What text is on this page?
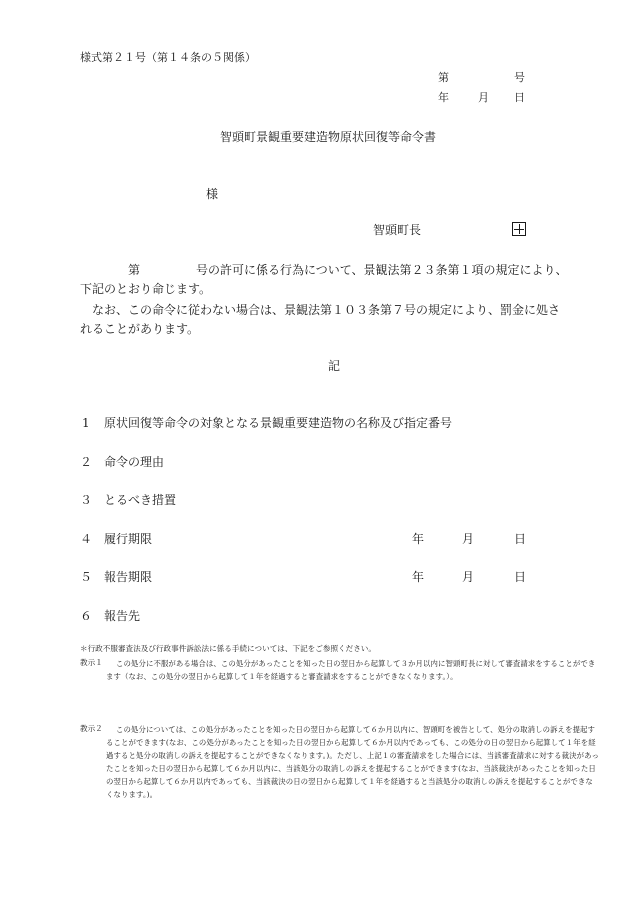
様式第２１号（第１４条の５関係）
第	号
年	月 日
智頭町景観重要建造物原状回復等命令書
様
智頭町長
第	号の許可に係る行為について、景観法第２３条第１項の規定により、
下記のとおり命じます。
なお、この命令に従わない場合は、景観法第１０３条第７号の規定により、罰金に処さ
れることがあります。
記
1 原状回復等命令の対象となる景観重要建造物の名称及び指定番号
２ 命令の理由
３ とるべき措置
４ 履行期限	年	月	日
５ 報告期限	年	月	日
６ 報告先
＊行政不服審査法及び行政事件訴訟法に係る手続については、下記をご参照ください。
教示１	この処分に不服がある場合は、この処分があったことを知った日の翌日から起算して３か月以内に智頭町長に対して審査請求をすることができます（なお、この処分の翌日から起算して１年を経過すると審査請求をすることができなくなります。）。
教示２	この処分については、この処分があったことを知った日の翌日から起算して６か月以内に、智頭町を被告として、処分の取消しの訴えを提起することができます(なお、この処分があったことを知った日の翌日から起算して６か月以内であっても、この処分の日の翌日から起算して１年を経過すると処分の取消しの訴えを提起することができなくなります。)。ただし、上記１の審査請求をした場合には、当該審査請求に対する裁決があったことを知った日の翌日から起算して６か月以内に、当該処分の取消しの訴えを提起することができます(なお、当該裁決があったことを知った日の翌日から起算して６か月以内であっても、当該裁決の日の翌日から起算して１年を経過すると当該処分の取消しの訴えを提起することができなくなります。)。
